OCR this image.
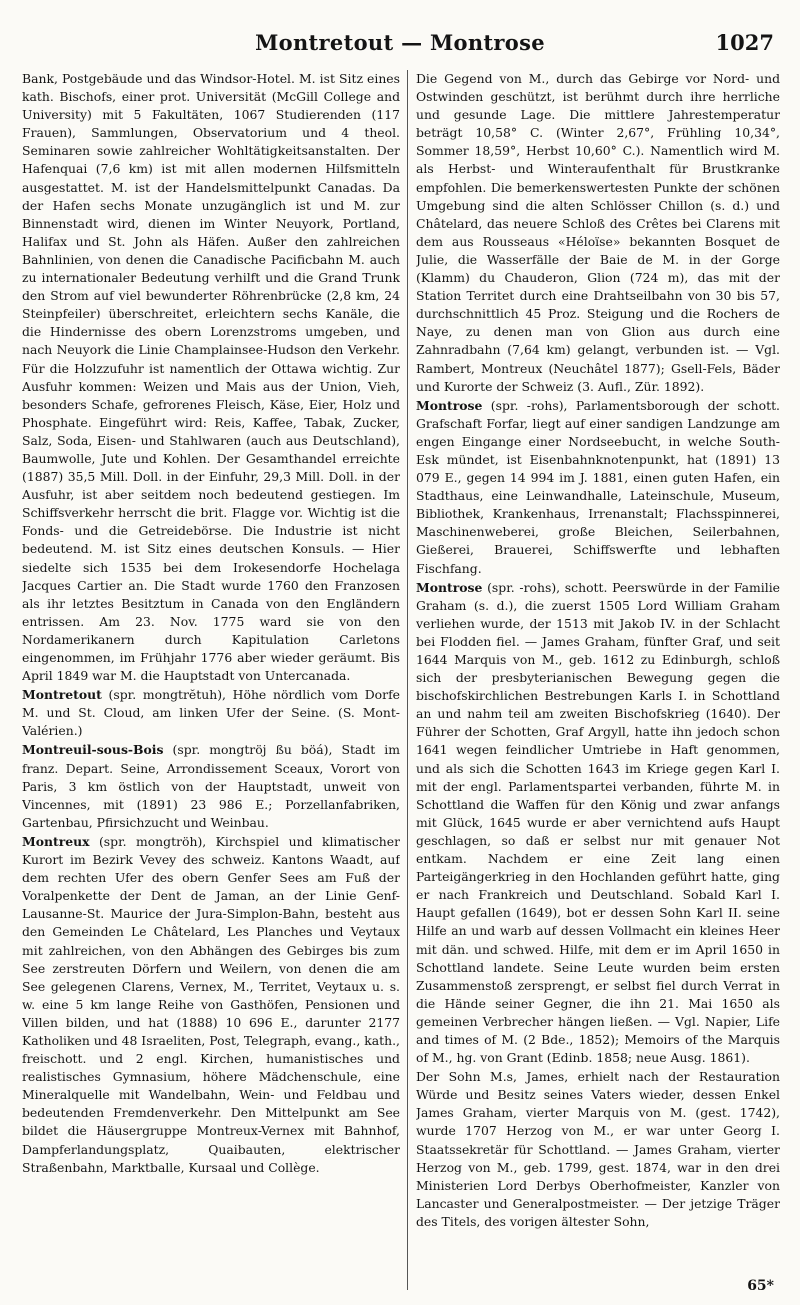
Montretout — Montrose	1027

Bank, Postgebäude und das Windsor-Hotel. M. ist Sitz eines kath. Bischofs, einer prot. Universität (McGill College and University) mit 5 Fakultäten, 1067 Studierenden (117 Frauen), Sammlungen, Observatorium und 4 theol. Seminaren sowie zahlreicher Wohltätigkeitsanstalten. Der Hafenquai (7,6 km) ist mit allen modernen Hilfsmitteln ausgestattet. M. ist der Handelsmittelpunkt Canadas. Da der Hafen sechs Monate unzugänglich ist und M. zur Binnenstadt wird, dienen im Winter Neuyork, Portland, Halifax und St. John als Häfen. Außer den zahlreichen Bahnlinien, von denen die Canadische Pacificbahn M. auch zu internationaler Bedeutung verhilft und die Grand Trunk den Strom auf viel bewunderter Röhrenbrücke (2,8 km, 24 Steinpfeiler) überschreitet, erleichtern sechs Kanäle, die die Hindernisse des obern Lorenzstroms umgeben, und nach Neuyork die Linie Champlainsee-Hudson den Verkehr. Für die Holzzufuhr ist namentlich der Ottawa wichtig. Zur Ausfuhr kommen: Weizen und Mais aus der Union, Vieh, besonders Schafe, gefrorenes Fleisch, Käse, Eier, Holz und Phosphate. Eingeführt wird: Reis, Kaffee, Tabak, Zucker, Salz, Soda, Eisen- und Stahlwaren (auch aus Deutschland), Baumwolle, Jute und Kohlen. Der Gesamthandel erreichte (1887) 35,5 Mill. Doll. in der Einfuhr, 29,3 Mill. Doll. in der Ausfuhr, ist aber seitdem noch bedeutend gestiegen. Im Schiffsverkehr herrscht die brit. Flagge vor. Wichtig ist die Fonds- und die Getreidebörse. Die Industrie ist nicht bedeutend. M. ist Sitz eines deutschen Konsuls. — Hier siedelte sich 1535 bei dem Irokesendorfe Hochelaga Jacques Cartier an. Die Stadt wurde 1760 den Franzosen als ihr letztes Besitztum in Canada von den Engländern entrissen. Am 23. Nov. 1775 ward sie von den Nordamerikanern durch Kapitulation Carletons eingenommen, im Frühjahr 1776 aber wieder geräumt. Bis April 1849 war M. die Hauptstadt von Untercanada.

Montretout (spr. mongtrĕtuh), Höhe nördlich vom Dorfe M. und St. Cloud, am linken Ufer der Seine. (S. Mont-Valérien.)

Montreuil-sous-Bois (spr. mongtröj ßu böá), Stadt im franz. Depart. Seine, Arrondissement Sceaux, Vorort von Paris, 3 km östlich von der Hauptstadt, unweit von Vincennes, mit (1891) 23 986 E.; Porzellanfabriken, Gartenbau, Pfirsichzucht und Weinbau.

Montreux (spr. mongtröh), Kirchspiel und klimatischer Kurort im Bezirk Vevey des schweiz. Kantons Waadt, auf dem rechten Ufer des obern Genfer Sees am Fuß der Voralpenkette der Dent de Jaman, an der Linie Genf-Lausanne-St. Maurice der Jura-Simplon-Bahn, besteht aus den Gemeinden Le Châtelard, Les Planches und Veytaux mit zahlreichen, von den Abhängen des Gebirges bis zum See zerstreuten Dörfern und Weilern, von denen die am See gelegenen Clarens, Vernex, M., Territet, Veytaux u. s. w. eine 5 km lange Reihe von Gasthöfen, Pensionen und Villen bilden, und hat (1888) 10 696 E., darunter 2177 Katholiken und 48 Israeliten, Post, Telegraph, evang., kath., freischott. und 2 engl. Kirchen, humanistisches und realistisches Gymnasium, höhere Mädchenschule, eine Mineralquelle mit Wandelbahn, Wein- und Feldbau und bedeutenden Fremdenverkehr. Den Mittelpunkt am See bildet die Häusergruppe Montreux-Vernex mit Bahnhof, Dampferlandungsplatz, Quaibauten, elektrischer Straßenbahn, Marktballe, Kursaal und Collège.

Die Gegend von M., durch das Gebirge vor Nord- und Ostwinden geschützt, ist berühmt durch ihre herrliche und gesunde Lage. Die mittlere Jahrestemperatur beträgt 10,58° C. (Winter 2,67°, Frühling 10,34°, Sommer 18,59°, Herbst 10,60° C.). Namentlich wird M. als Herbst- und Winteraufenthalt für Brustkranke empfohlen. Die bemerkenswertesten Punkte der schönen Umgebung sind die alten Schlösser Chillon (s. d.) und Châtelard, das neuere Schloß des Crêtes bei Clarens mit dem aus Rousseaus «Héloïse» bekannten Bosquet de Julie, die Wasserfälle der Baie de M. in der Gorge (Klamm) du Chauderon, Glion (724 m), das mit der Station Territet durch eine Drahtseilbahn von 30 bis 57, durchschnittlich 45 Proz. Steigung und die Rochers de Naye, zu denen man von Glion aus durch eine Zahnradbahn (7,64 km) gelangt, verbunden ist. — Vgl. Rambert, Montreux (Neuchâtel 1877); Gsell-Fels, Bäder und Kurorte der Schweiz (3. Aufl., Zür. 1892).

Montrose (spr. -rohs), Parlamentsborough der schott. Grafschaft Forfar, liegt auf einer sandigen Landzunge am engen Eingange einer Nordseebucht, in welche South-Esk mündet, ist Eisenbahnknotenpunkt, hat (1891) 13 079 E., gegen 14 994 im J. 1881, einen guten Hafen, ein Stadthaus, eine Leinwandhalle, Lateinschule, Museum, Bibliothek, Krankenhaus, Irrenanstalt; Flachsspinnerei, Maschinenweberei, große Bleichen, Seilerbahnen, Gießerei, Brauerei, Schiffswerfte und lebhaften Fischfang.

Montrose (spr. -rohs), schott. Peerswürde in der Familie Graham (s. d.), die zuerst 1505 Lord William Graham verliehen wurde, der 1513 mit Jakob IV. in der Schlacht bei Flodden fiel. — James Graham, fünfter Graf, und seit 1644 Marquis von M., geb. 1612 zu Edinburgh, schloß sich der presbyterianischen Bewegung gegen die bischofskirchlichen Bestrebungen Karls I. in Schottland an und nahm teil am zweiten Bischofskrieg (1640). Der Führer der Schotten, Graf Argyll, hatte ihn jedoch schon 1641 wegen feindlicher Umtriebe in Haft genommen, und als sich die Schotten 1643 im Kriege gegen Karl I. mit der engl. Parlamentspartei verbanden, führte M. in Schottland die Waffen für den König und zwar anfangs mit Glück, 1645 wurde er aber vernichtend aufs Haupt geschlagen, so daß er selbst nur mit genauer Not entkam. Nachdem er eine Zeit lang einen Parteigängerkrieg in den Hochlanden geführt hatte, ging er nach Frankreich und Deutschland. Sobald Karl I. Haupt gefallen (1649), bot er dessen Sohn Karl II. seine Hilfe an und warb auf dessen Vollmacht ein kleines Heer mit dän. und schwed. Hilfe, mit dem er im April 1650 in Schottland landete. Seine Leute wurden beim ersten Zusammenstoß zersprengt, er selbst fiel durch Verrat in die Hände seiner Gegner, die ihn 21. Mai 1650 als gemeinen Verbrecher hängen ließen. — Vgl. Napier, Life and times of M. (2 Bde., 1852); Memoirs of the Marquis of M., hg. von Grant (Edinb. 1858; neue Ausg. 1861).

Der Sohn M.s, James, erhielt nach der Restauration Würde und Besitz seines Vaters wieder, dessen Enkel James Graham, vierter Marquis von M. (gest. 1742), wurde 1707 Herzog von M., er war unter Georg I. Staatssekretär für Schottland. — James Graham, vierter Herzog von M., geb. 1799, gest. 1874, war in den drei Ministerien Lord Derbys Oberhofmeister, Kanzler von Lancaster und Generalpostmeister. — Der jetzige Träger des Titels, des vorigen ältester Sohn,

65*
